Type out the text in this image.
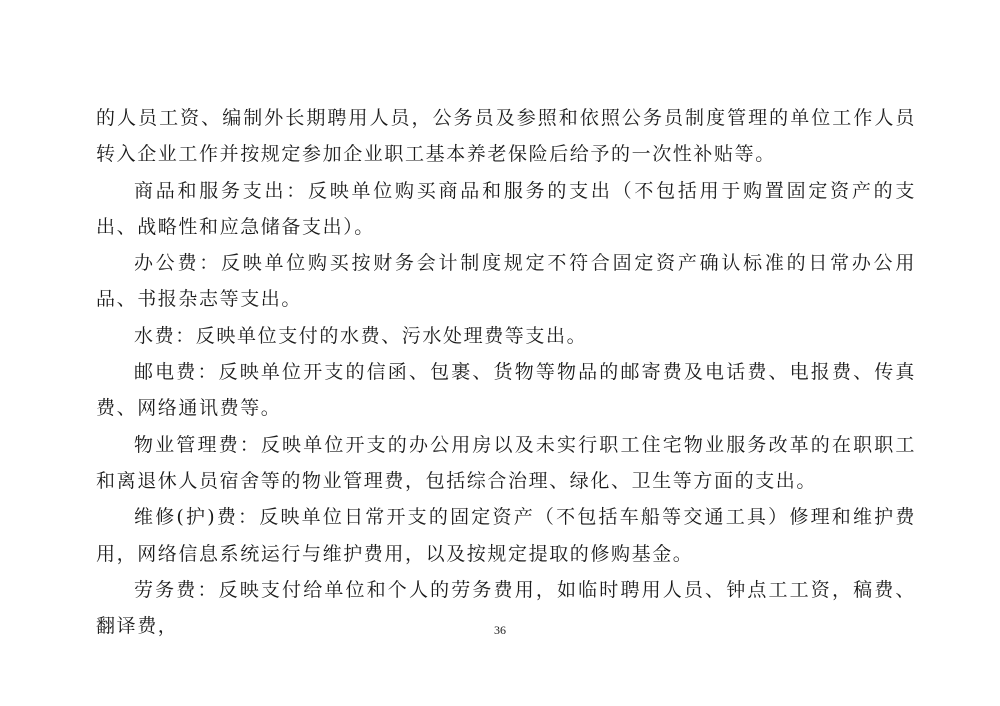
的人员工资、编制外长期聘用人员，公务员及参照和依照公务员制度管理的单位工作人员转入企业工作并按规定参加企业职工基本养老保险后给予的一次性补贴等。

商品和服务支出：反映单位购买商品和服务的支出（不包括用于购置固定资产的支出、战略性和应急储备支出）。

办公费：反映单位购买按财务会计制度规定不符合固定资产确认标准的日常办公用品、书报杂志等支出。

水费：反映单位支付的水费、污水处理费等支出。

邮电费：反映单位开支的信函、包裹、货物等物品的邮寄费及电话费、电报费、传真费、网络通讯费等。

物业管理费：反映单位开支的办公用房以及未实行职工住宅物业服务改革的在职职工和离退休人员宿舍等的物业管理费，包括综合治理、绿化、卫生等方面的支出。

维修(护)费：反映单位日常开支的固定资产（不包括车船等交通工具）修理和维护费用，网络信息系统运行与维护费用，以及按规定提取的修购基金。

劳务费：反映支付给单位和个人的劳务费用，如临时聘用人员、钟点工工资，稿费、翻译费，	36
